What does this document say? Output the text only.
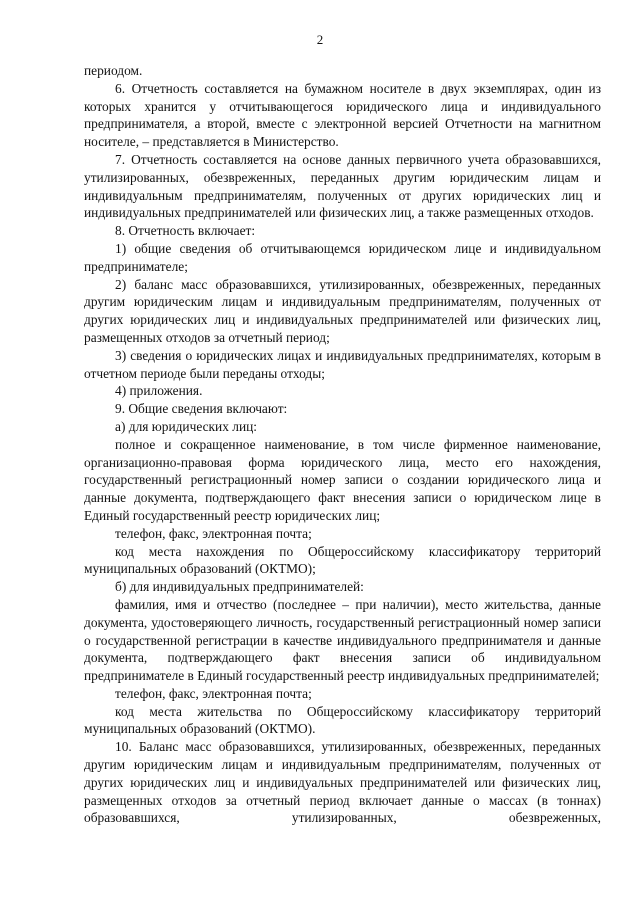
2

периодом.

6. Отчетность составляется на бумажном носителе в двух экземплярах, один из которых хранится у отчитывающегося юридического лица и индивидуального предпринимателя, а второй, вместе с электронной версией Отчетности на магнитном носителе, – представляется в Министерство.

7. Отчетность составляется на основе данных первичного учета образовавшихся, утилизированных, обезвреженных, переданных другим юридическим лицам и индивидуальным предпринимателям, полученных от других юридических лиц и индивидуальных предпринимателей или физических лиц, а также размещенных отходов.

8. Отчетность включает:

1) общие сведения об отчитывающемся юридическом лице и индивидуальном предпринимателе;

2) баланс масс образовавшихся, утилизированных, обезвреженных, переданных другим юридическим лицам и индивидуальным предпринимателям, полученных от других юридических лиц и индивидуальных предпринимателей или физических лиц, размещенных отходов за отчетный период;

3) сведения о юридических лицах и индивидуальных предпринимателях, которым в отчетном периоде были переданы отходы;

4) приложения.

9. Общие сведения включают:

а) для юридических лиц:

полное и сокращенное наименование, в том числе фирменное наименование, организационно-правовая форма юридического лица, место его нахождения, государственный регистрационный номер записи о создании юридического лица и данные документа, подтверждающего факт внесения записи о юридическом лице в Единый государственный реестр юридических лиц;

телефон, факс, электронная почта;

код места нахождения по Общероссийскому классификатору территорий муниципальных образований (ОКТМО);

б) для индивидуальных предпринимателей:

фамилия, имя и отчество (последнее – при наличии), место жительства, данные документа, удостоверяющего личность, государственный регистрационный номер записи о государственной регистрации в качестве индивидуального предпринимателя и данные документа, подтверждающего факт внесения записи об индивидуальном предпринимателе в Единый государственный реестр индивидуальных предпринимателей;

телефон, факс, электронная почта;

код места жительства по Общероссийскому классификатору территорий муниципальных образований (ОКТМО).

10. Баланс масс образовавшихся, утилизированных, обезвреженных, переданных другим юридическим лицам и индивидуальным предпринимателям, полученных от других юридических лиц и индивидуальных предпринимателей или физических лиц, размещенных отходов за отчетный период включает данные о массах (в тоннах) образовавшихся, утилизированных, обезвреженных,
